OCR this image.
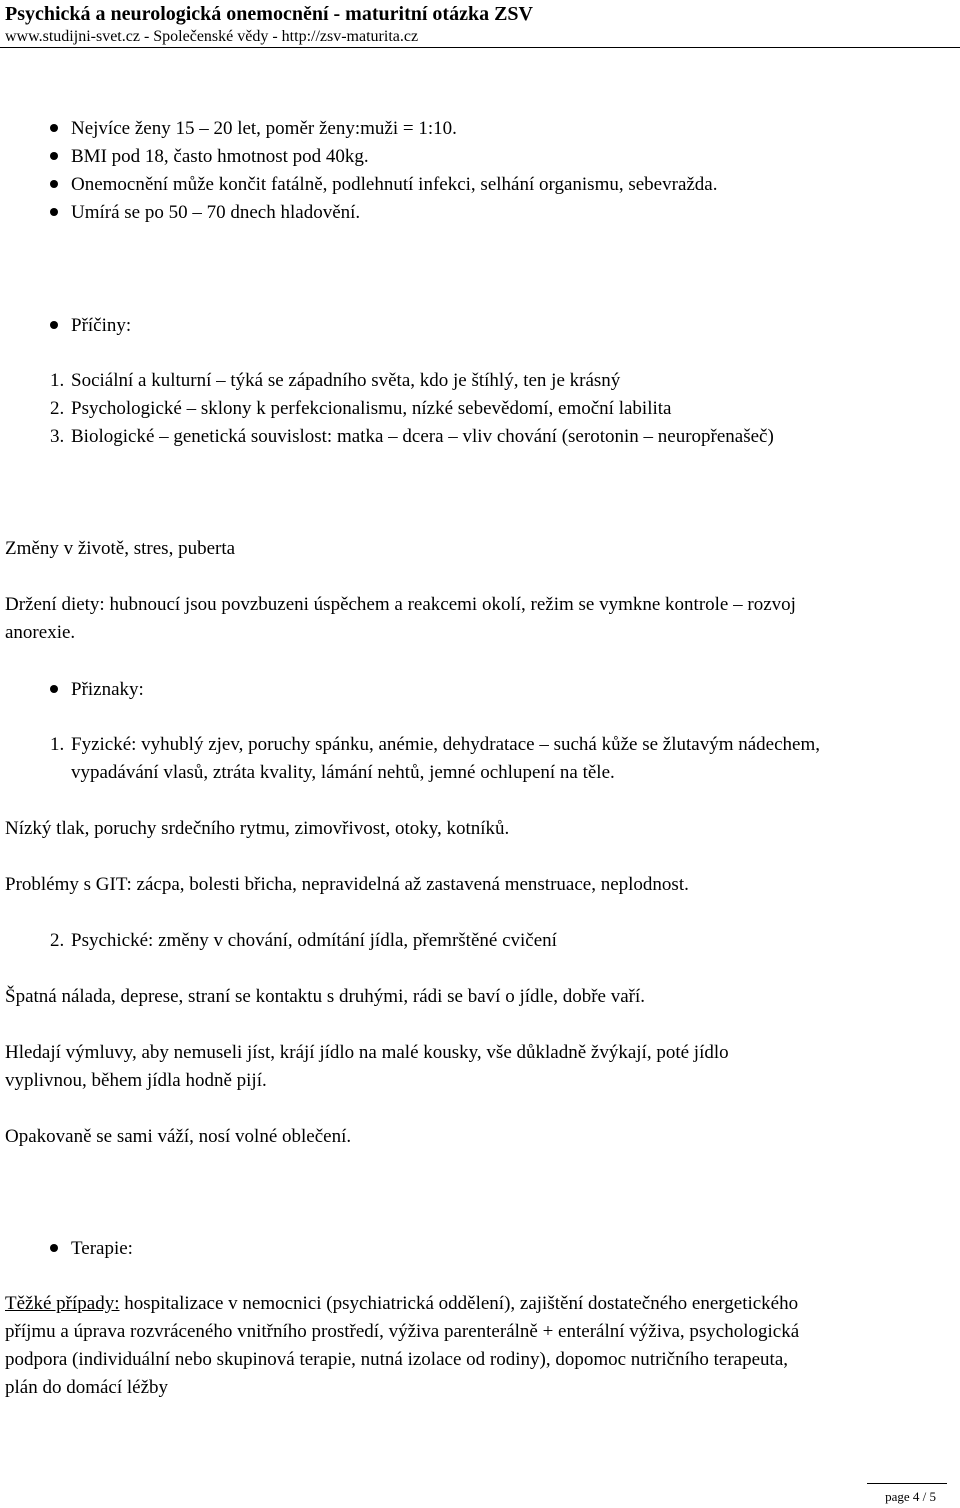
Psychická a neurologická onemocnění - maturitní otázka ZSV
www.studijni-svet.cz - Společenské vědy - http://zsv-maturita.cz
Nejvíce ženy 15 – 20 let, poměr ženy:muži = 1:10.
BMI pod 18, často hmotnost pod 40kg.
Onemocnění může končit fatálně, podlehnutí infekci, selhání organismu, sebevražda.
Umírá se po 50 – 70 dnech hladovění.
Příčiny:
1. Sociální a kulturní – týká se západního světa, kdo je štíhlý, ten je krásný
2. Psychologické – sklony k perfekcionalismu, nízké sebevědomí, emoční labilita
3. Biologické – genetická souvislost: matka – dcera – vliv chování (serotonin – neuropřenašeč)
Změny v životě, stres, puberta
Držení diety: hubnoucí jsou povzbuzeni úspěchem a reakcemi okolí, režim se vymkne kontrole – rozvoj
anorexie.
Přiznaky:
1. Fyzické: vyhublý zjev, poruchy spánku, anémie, dehydratace – suchá kůže se žlutavým nádechem,
vypadávání vlasů, ztráta kvality, lámání nehtů, jemné ochlupení na těle.
Nízký tlak, poruchy srdečního rytmu, zimovřivost, otoky, kotníků.
Problémy s GIT: zácpa, bolesti břicha, nepravidelná až zastavená menstruace, neplodnost.
2. Psychické: změny v chování, odmítání jídla, přemrštěné cvičení
Špatná nálada, deprese, straní se kontaktu s druhými, rádi se baví o jídle, dobře vaří.
Hledají výmluvy, aby nemuseli jíst, krájí jídlo na malé kousky, vše důkladně žvýkají, poté jídlo
vyplivnou, během jídla hodně pijí.
Opakovaně se sami váží, nosí volné oblečení.
Terapie:
Těžké případy: hospitalizace v nemocnici (psychiatrická oddělení), zajištění dostatečného energetického
příjmu a úprava rozvráceného vnitřního prostředí, výživa parenterálně + enterální výživa, psychologická
podpora (individuální nebo skupinová terapie, nutná izolace od rodiny), dopomoc nutričního terapeuta,
plán do domácí léžby
page 4 / 5
